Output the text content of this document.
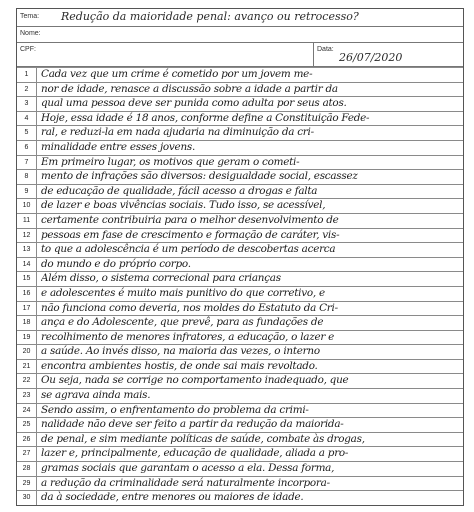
Tema: Redução da maioridade penal: avanço ou retrocesso?
Nome:
CPF:	Data:
26/07/2020
1	Cada vez que um crime é cometido por um jovem me-
2	nor de idade, renasce a discussão sobre a idade a partir da
3	qual uma pessoa deve ser punida como adulta por seus atos.
4	Hoje, essa idade é 18 anos, conforme define a Constituição Fede-
5	ral, e reduzi-la em nada ajudaria na diminuição da cri-
6	minalidade entre esses jovens.
7	Em primeiro lugar, os motivos que geram o cometi-
8	mento de infrações são diversos: desigualdade social, escassez
9	de educação de qualidade, fácil acesso a drogas e falta
10	de lazer e boas vivências sociais. Tudo isso, se acessível,
11	certamente contribuiria para o melhor desenvolvimento de
12	pessoas em fase de crescimento e formação de caráter, vis-
13	to que a adolescência é um período de descobertas acerca
14	do mundo e do próprio corpo.
15	Além disso, o sistema correcional para crianças
16	e adolescentes é muito mais punitivo do que corretivo, e
17	não funciona como deveria, nos moldes do Estatuto da Cri-
18	ança e do Adolescente, que prevê, para as fundações de
19	recolhimento de menores infratores, a educação, o lazer e
20	a saúde. Ao invés disso, na maioria das vezes, o interno
21	encontra ambientes hostis, de onde sai mais revoltado.
22	Ou seja, nada se corrige no comportamento inadequado, que
23	se agrava ainda mais.
24	Sendo assim, o enfrentamento do problema da crimi-
25	nalidade não deve ser feito a partir da redução da maiorida-
26	de penal, e sim mediante políticas de saúde, combate às drogas,
27	lazer e, principalmente, educação de qualidade, aliada a pro-
28	gramas sociais que garantam o acesso a ela. Dessa forma,
29	a redução da criminalidade será naturalmente incorpora-
30	da à sociedade, entre menores ou maiores de idade.
